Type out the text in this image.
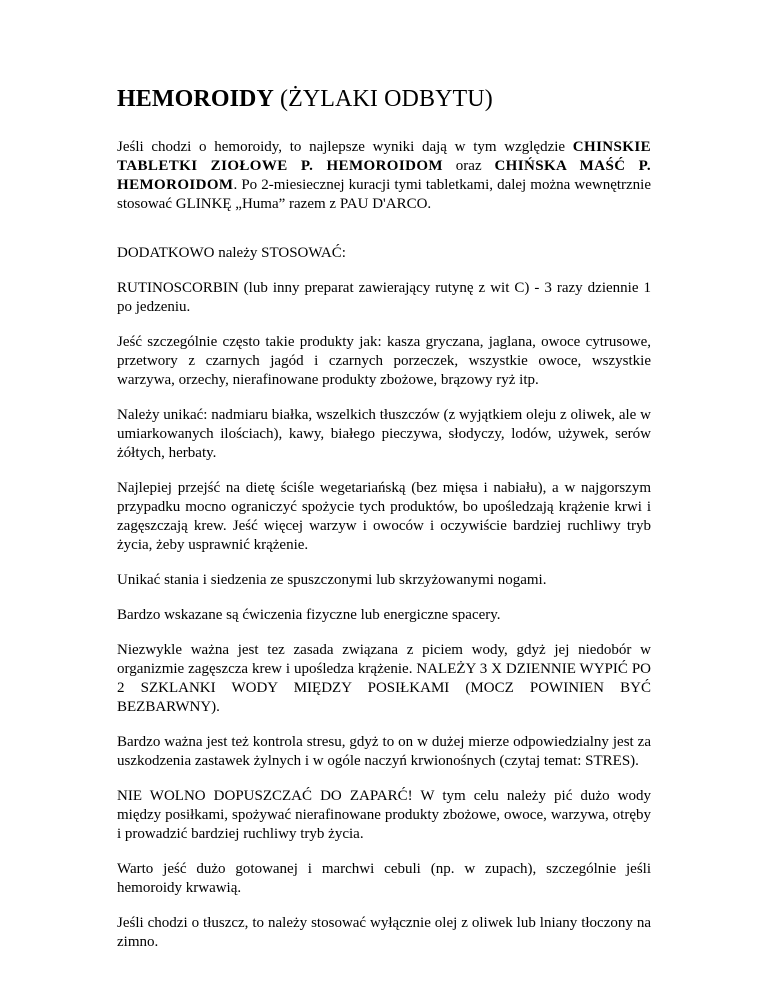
HEMOROIDY (ŻYLAKI ODBYTU)

Jeśli chodzi o hemoroidy, to najlepsze wyniki dają w tym względzie CHINSKIE TABLETKI ZIOŁOWE P. HEMOROIDOM oraz CHIŃSKA MAŚĆ P. HEMOROIDOM. Po 2-miesiecznej kuracji tymi tabletkami, dalej można wewnętrznie stosować GLINKĘ „Huma” razem z PAU D'ARCO.

DODATKOWO należy STOSOWAĆ:

RUTINOSCORBIN (lub inny preparat zawierający rutynę z wit C) - 3 razy dziennie 1 po jedzeniu.

Jeść szczególnie często takie produkty jak: kasza gryczana, jaglana, owoce cytrusowe, przetwory z czarnych jagód i czarnych porzeczek, wszystkie owoce, wszystkie warzywa, orzechy, nierafinowane produkty zbożowe, brązowy ryż itp.

Należy unikać: nadmiaru białka, wszelkich tłuszczów (z wyjątkiem oleju z oliwek, ale w umiarkowanych ilościach), kawy, białego pieczywa, słodyczy, lodów, używek, serów żółtych, herbaty.

Najlepiej przejść na dietę ściśle wegetariańską (bez mięsa i nabiału), a w najgorszym przypadku mocno ograniczyć spożycie tych produktów, bo upośledzają krążenie krwi i zagęszczają krew. Jeść więcej warzyw i owoców i oczywiście bardziej ruchliwy tryb życia, żeby usprawnić krążenie.

Unikać stania i siedzenia ze spuszczonymi lub skrzyżowanymi nogami.

Bardzo wskazane są ćwiczenia fizyczne lub energiczne spacery.

Niezwykle ważna jest tez zasada związana z piciem wody, gdyż jej niedobór w organizmie zagęszcza krew i upośledza krążenie. NALEŻY 3 X DZIENNIE WYPIĆ PO 2 SZKLANKI WODY MIĘDZY POSIŁKAMI (MOCZ POWINIEN BYĆ BEZBARWNY).

Bardzo ważna jest też kontrola stresu, gdyż to on w dużej mierze odpowiedzialny jest za uszkodzenia zastawek żylnych i w ogóle naczyń krwionośnych (czytaj temat: STRES).

NIE WOLNO DOPUSZCZAĆ DO ZAPARĆ! W tym celu należy pić dużo wody między posiłkami, spożywać nierafinowane produkty zbożowe, owoce, warzywa, otręby i prowadzić bardziej ruchliwy tryb życia.

Warto jeść dużo gotowanej i marchwi cebuli (np. w zupach), szczególnie jeśli hemoroidy krwawią.

Jeśli chodzi o tłuszcz, to należy stosować wyłącznie olej z oliwek lub lniany tłoczony na zimno.
